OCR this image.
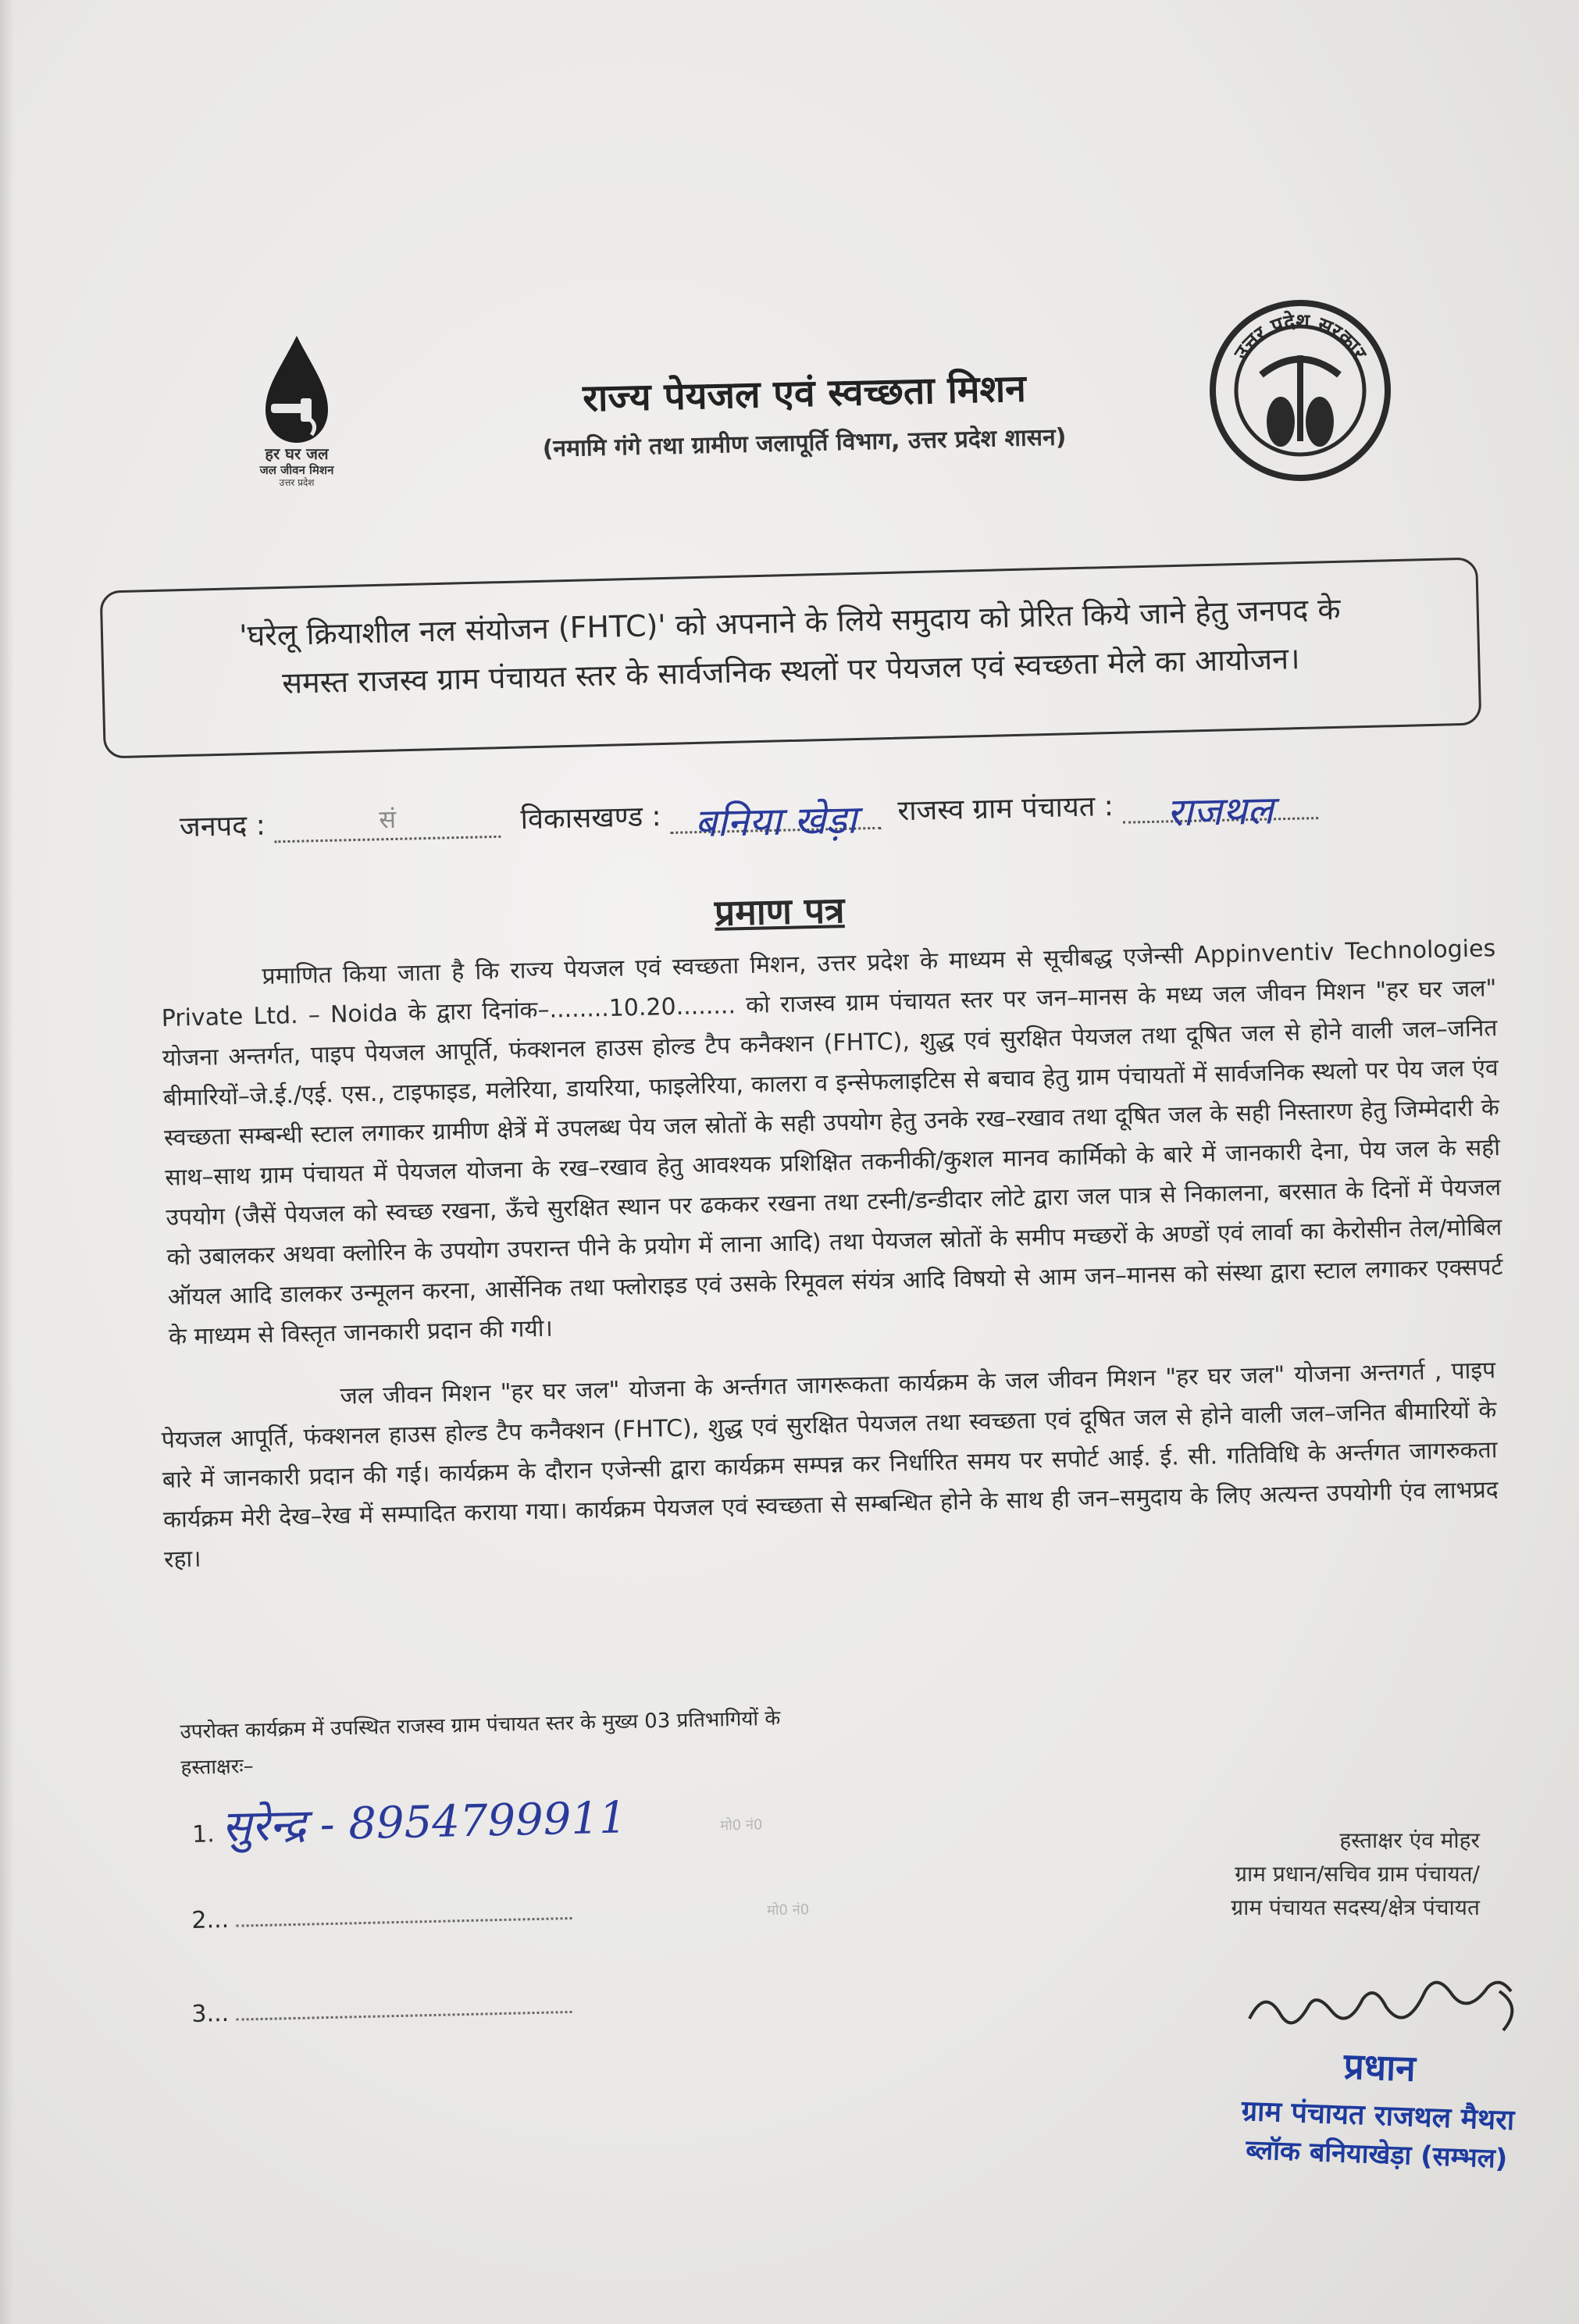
हर घर जल
जल जीवन मिशन
उत्तर प्रदेश
उत्तर प्रदेश सरकार
राज्य पेयजल एवं स्वच्छता मिशन
(नमामि गंगे तथा ग्रामीण जलापूर्ति विभाग, उत्तर प्रदेश शासन)
'घरेलू क्रियाशील नल संयोजन (FHTC)' को अपनाने के लिये समुदाय को प्रेरित किये जाने हेतु जनपद के
समस्त राजस्व ग्राम पंचायत स्तर के सार्वजनिक स्थलों पर पेयजल एवं स्वच्छता मेले का आयोजन।
जनपद :	सं	विकासखण्ड : बनिया खेड़ा राजस्व ग्राम पंचायत : राजथल
प्रमाण पत्र
प्रमाणित किया जाता है कि राज्य पेयजल एवं स्वच्छता मिशन, उत्तर प्रदेश के माध्यम से सूचीबद्ध एजेन्सी Appinventiv Technologies Private Ltd. – Noida के द्वारा दिनांक–........10.20........ को राजस्व ग्राम पंचायत स्तर पर जन–मानस के मध्य जल जीवन मिशन "हर घर जल" योजना अन्तर्गत, पाइप पेयजल आपूर्ति, फंक्शनल हाउस होल्ड टैप कनैक्शन (FHTC), शुद्ध एवं सुरक्षित पेयजल तथा दूषित जल से होने वाली जल–जनित बीमारियों–जे.ई./एई. एस., टाइफाइड, मलेरिया, डायरिया, फाइलेरिया, कालरा व इन्सेफलाइटिस से बचाव हेतु ग्राम पंचायतों में सार्वजनिक स्थलो पर पेय जल एंव स्वच्छता सम्बन्धी स्टाल लगाकर ग्रामीण क्षेत्रें में उपलब्ध पेय जल स्रोतों के सही उपयोग हेतु उनके रख–रखाव तथा दूषित जल के सही निस्तारण हेतु जिम्मेदारी के साथ–साथ ग्राम पंचायत में पेयजल योजना के रख–रखाव हेतु आवश्यक प्रशिक्षित तकनीकी/कुशल मानव कार्मिको के बारे में जानकारी देना, पेय जल के सही उपयोग (जैसें पेयजल को स्वच्छ रखना, ऊँचे सुरक्षित स्थान पर ढककर रखना तथा टस्नी/डन्डीदार लोटे द्वारा जल पात्र से निकालना, बरसात के दिनों में पेयजल को उबालकर अथवा क्लोरिन के उपयोग उपरान्त पीने के प्रयोग में लाना आदि) तथा पेयजल स्रोतों के समीप मच्छरों के अण्डों एवं लार्वा का केरोसीन तेल/मोबिल ऑयल आदि डालकर उन्मूलन करना, आर्सेनिक तथा फ्लोराइड एवं उसके रिमूवल संयंत्र आदि विषयो से आम जन–मानस को संस्था द्वारा स्टाल लगाकर एक्सपर्ट के माध्यम से विस्तृत जानकारी प्रदान की गयी।
जल जीवन मिशन "हर घर जल" योजना के अर्न्तगत जागरूकता कार्यक्रम के जल जीवन मिशन "हर घर जल" योजना अन्तगर्त , पाइप पेयजल आपूर्ति, फंक्शनल हाउस होल्ड टैप कनैक्शन (FHTC), शुद्ध एवं सुरक्षित पेयजल तथा स्वच्छता एवं दूषित जल से होने वाली जल–जनित बीमारियों के बारे में जानकारी प्रदान की गई। कार्यक्रम के दौरान एजेन्सी द्वारा कार्यक्रम सम्पन्न कर निर्धारित समय पर सपोर्ट आई. ई. सी. गतिविधि के अर्न्तगत जागरुकता कार्यक्रम मेरी देख–रेख में सम्पादित कराया गया। कार्यक्रम पेयजल एवं स्वच्छता से सम्बन्धित होने के साथ ही जन–समुदाय के लिए अत्यन्त उपयोगी एंव लाभप्रद रहा।
उपरोक्त कार्यक्रम में उपस्थित राजस्व ग्राम पंचायत स्तर के मुख्य 03 प्रतिभागियों के
हस्ताक्षरः–
1. सुरेन्द्र - 8954799911	मो0 नं0
2...	मो0 नं0
3...
हस्ताक्षर एंव मोहर
ग्राम प्रधान/सचिव ग्राम पंचायत/
ग्राम पंचायत सदस्य/क्षेत्र पंचायत
प्रधान
ग्राम पंचायत राजथल मैथरा
ब्लॉक बनियाखेड़ा (सम्भल)
